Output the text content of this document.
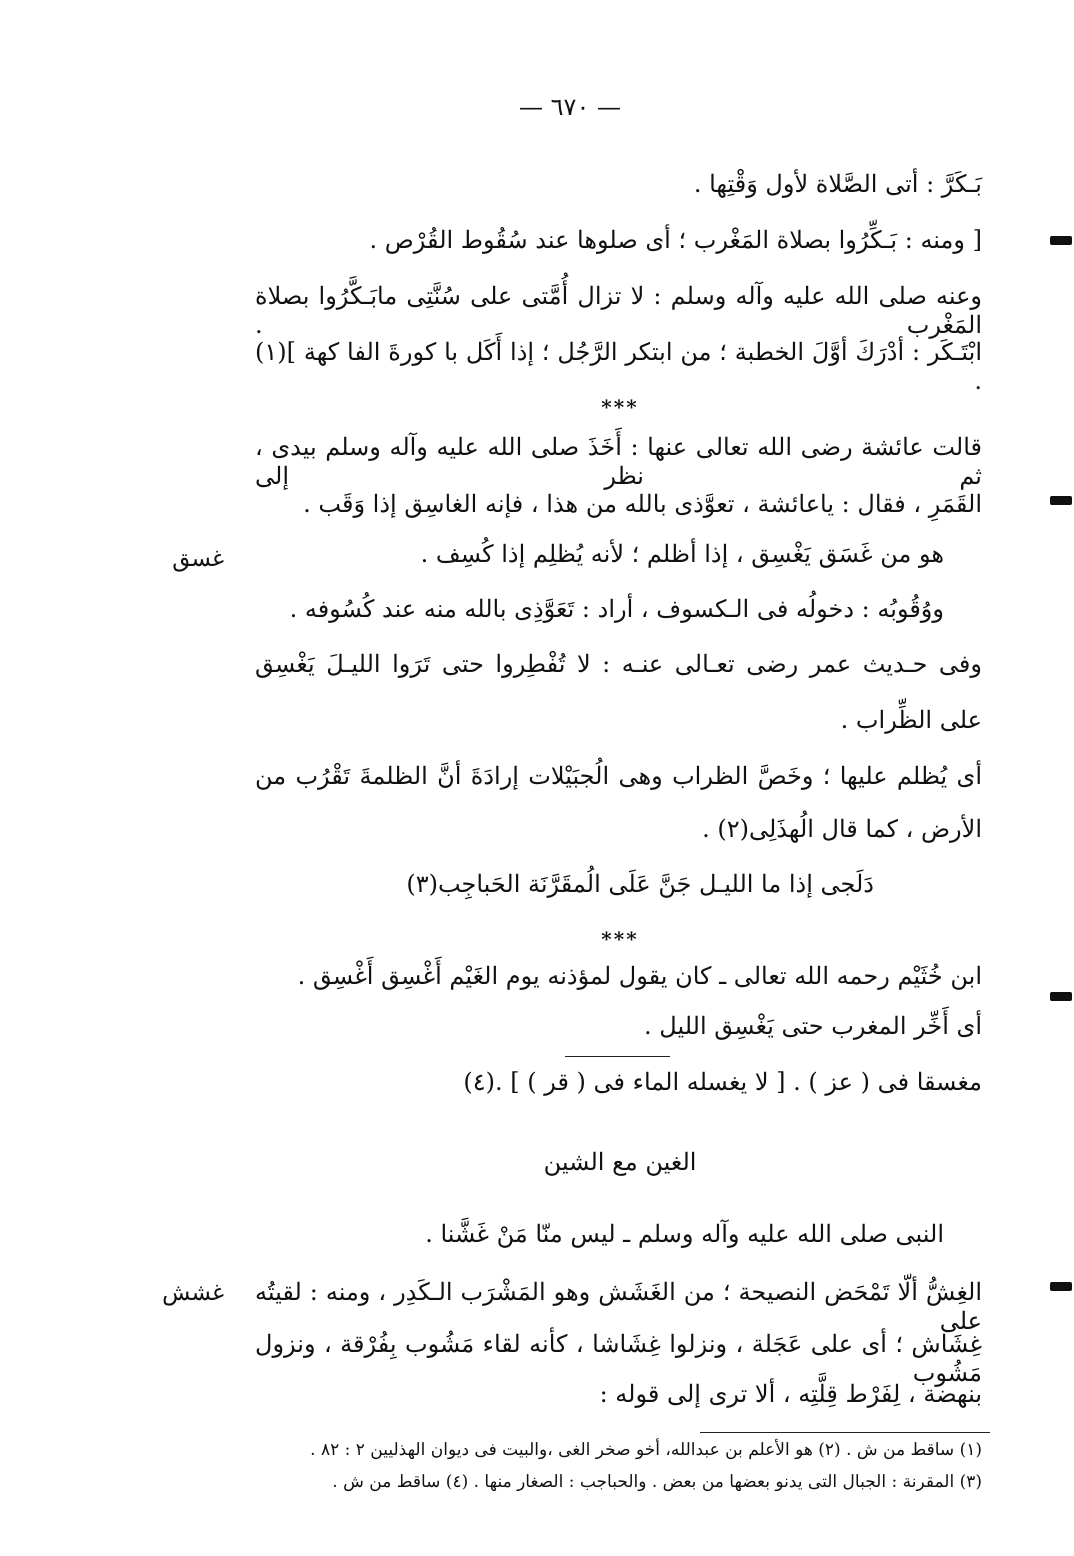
— ٦٧٠ —

بَـكَرَّ : أتى الصَّلاة لأول وَقْتِها .

[ ومنه : بَـكِّرُوا بصلاة المَغْرب ؛ أى صلوها عند سُقُوط القُرْص .

وعنه صلى الله عليه وآله وسلم : لا تزال أُمَّتى على سُنَّتِى مابَـكَّرُوا بصلاة المَغْرب .

ابْتَـكَر : أدْرَكَ أوَّلَ الخطبة ؛ من ابتكر الرَّجُل ؛ إذا أَكَل با كورةَ الفا كهة ](١) .

***

قالت عائشة رضى الله تعالى عنها : أَخَذَ صلى الله عليه وآله وسلم بيدى ، ثم نظر إلى

القَمَرِ ، فقال : ياعائشة ، تعوَّذى بالله من هذا ، فإنه الغاسِق إذا وَقَب .

هو من غَسَق يَغْسِق ، إذا أظلم ؛ لأنه يُظلِم إذا كُسِف .

ووُقُوبُه : دخولُه فى الـكسوف ، أراد : تَعَوَّذِى بالله منه عند كُسُوفه .

وفى حـديث عمر رضى تعـالى عنـه : لا تُفْطِروا حتى تَرَوا الليـلَ يَغْسِق

على الظِّراب .

أى يُظلم عليها ؛ وخَصَّ الظراب وهى الُجبَيْلات إرادَةَ أنَّ الظلمةَ تَقْرُب من

الأرض ، كما قال الُهذَلِى(٢) .

دَلَجى إذا ما الليـل جَنَّ عَلَى الُمقَرَّنَة الحَباجِب(٣)

***

ابن خُثَيْم رحمه الله تعالى ـ كان يقول لمؤذنه يوم الغَيْم أَغْسِق أَغْسِق .

أى أَخِّر المغرب حتى يَغْسِق الليل .

مغسقا فى ( عز ) . [ لا يغسله الماء فى ( قر ) ] .(٤)

الغين مع الشين

النبى صلى الله عليه وآله وسلم ـ ليس منّا مَنْ غَشَّنا .

الغِشُّ ألّا تَمْحَض النصيحة ؛ من الغَشَش وهو المَشْرَب الـكَدِر ، ومنه : لقيتُه على

غِشَاش ؛ أى على عَجَلة ، ونزلوا غِشَاشا ، كأنه لقاء مَشُوب بِفُرْقة ، ونزول مَشُوب

بنهضة ، لِفَرْط قِلَّتِه ، ألا ترى إلى قوله :

غسق
غشش

(١) ساقط من ش . (٢) هو الأعلم بن عبدالله، أخو صخر الغى ،والبيت فى ديوان الهذليين ٢ : ٨٢ .

(٣) المقرنة : الجبال التى يدنو بعضها من بعض . والحباجب : الصغار منها . (٤) ساقط من ش .
